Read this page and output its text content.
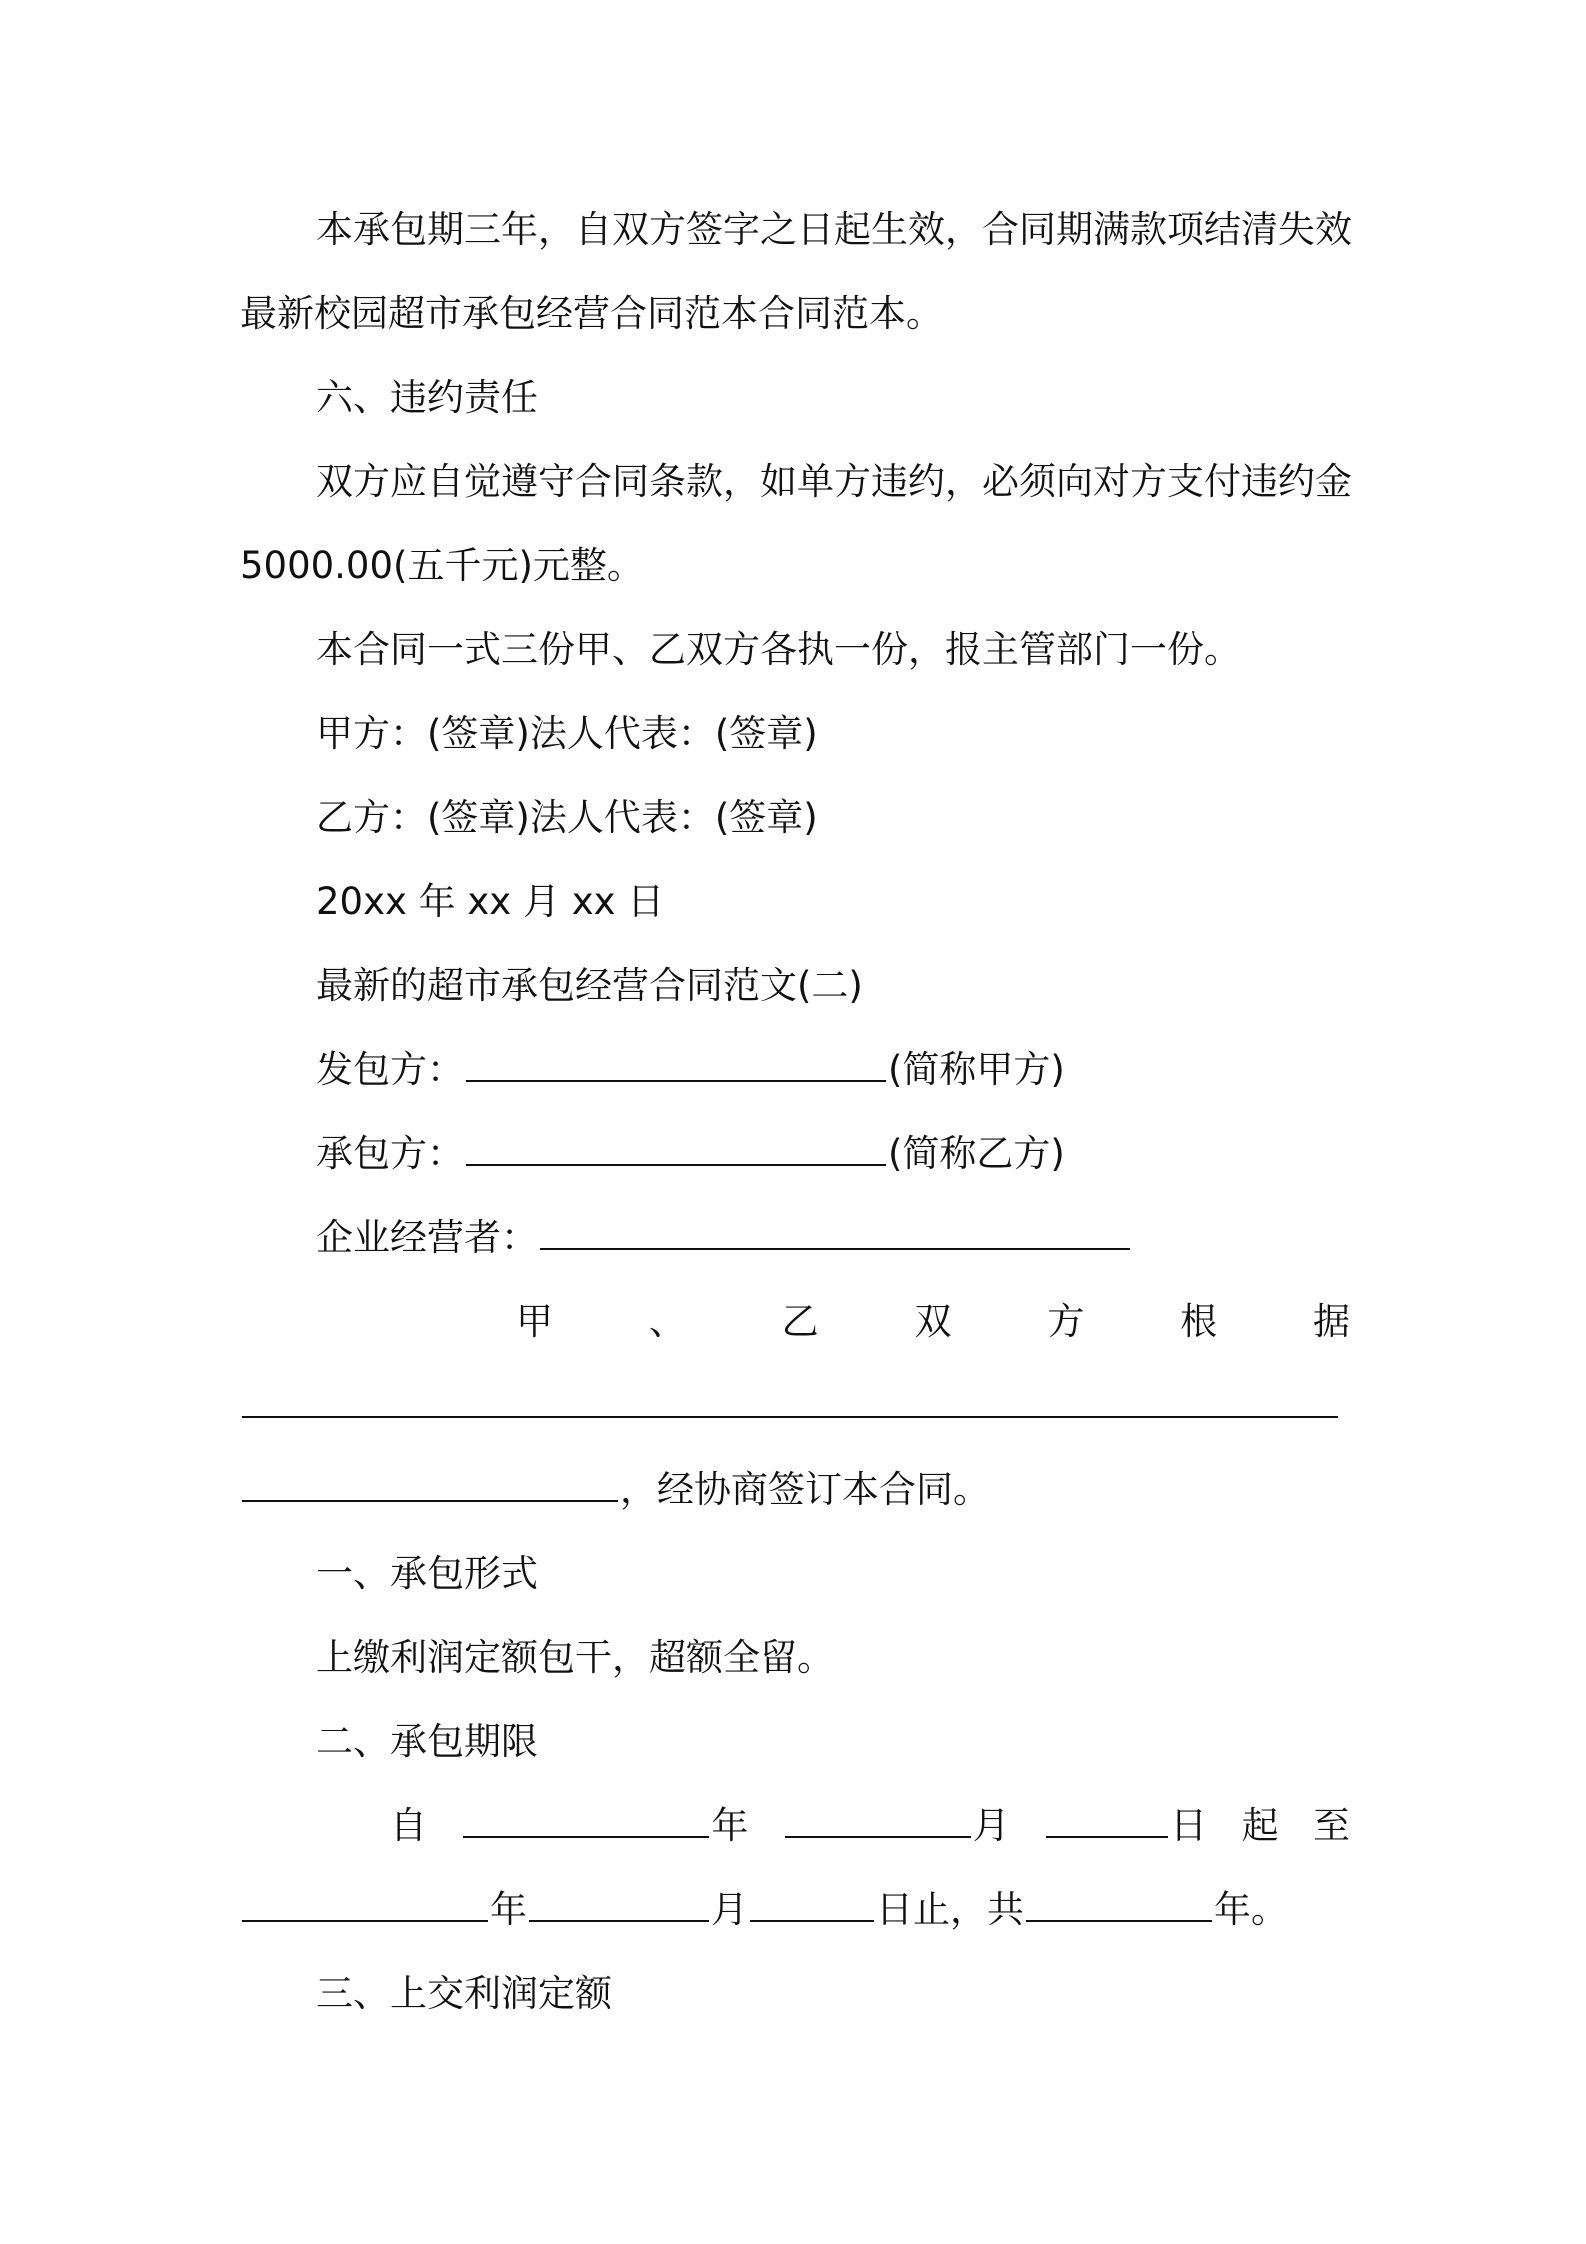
本承包期三年，自双方签字之日起生效，合同期满款项结清失效
最新校园超市承包经营合同范本合同范本。
六、违约责任
双方应自觉遵守合同条款，如单方违约，必须向对方支付违约金
5000.00(五千元)元整。
本合同一式三份甲、乙双方各执一份，报主管部门一份。
甲方：(签章)法人代表：(签章)
乙方：(签章)法人代表：(签章)
20xx 年 xx 月 xx 日
最新的超市承包经营合同范文(二)
发包方：	(简称甲方)
承包方：	(简称乙方)
企业经营者：
甲	、	乙	双	方	根	据
，经协商签订本合同。
一、承包形式
上缴利润定额包干，超额全留。
二、承包期限
自	年	月	日 起 至
年	月	日止，共	年。
三、上交利润定额
